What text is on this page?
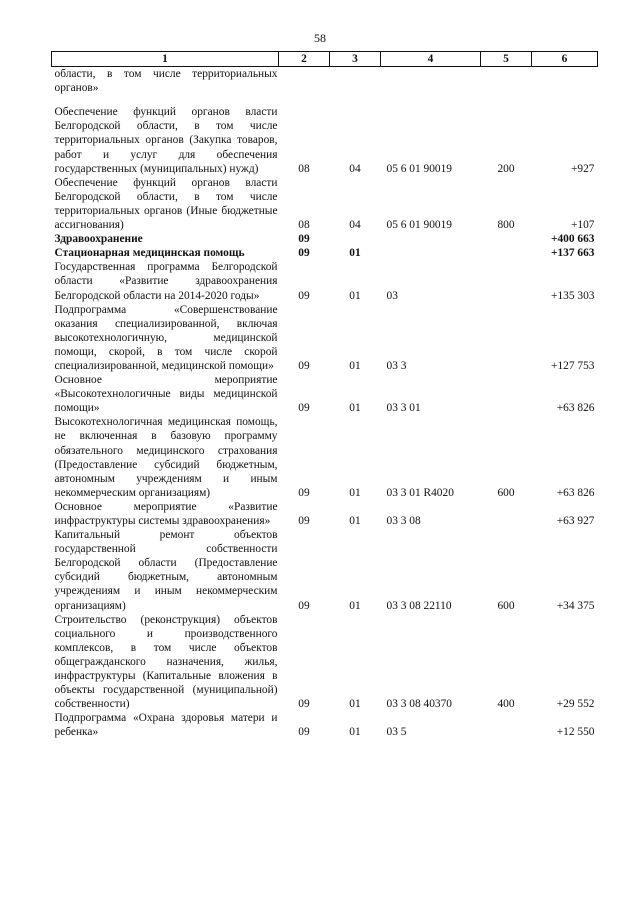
58
1	2	3	4	5	6
области, в том числе территориальных органов»					

Обеспечение функций органов власти Белгородской области, в том числе территориальных органов (Закупка товаров, работ и услуг для обеспечения государственных (муниципальных) нужд)	08	04	05 6 01 90019	200	+927
Обеспечение функций органов власти Белгородской области, в том числе территориальных органов (Иные бюджетные ассигнования)	08	04	05 6 01 90019	800	+107
Здравоохранение	09				+400 663
Стационарная медицинская помощь	09	01			+137 663
Государственная программа Белгородской области «Развитие здравоохранения Белгородской области на 2014-2020 годы»	09	01	03		+135 303
Подпрограмма «Совершенствование оказания специализированной, включая высокотехнологичную, медицинской помощи, скорой, в том числе скорой специализированной, медицинской помощи»	09	01	03 3		+127 753
Основное мероприятие «Высокотехнологичные виды медицинской помощи»	09	01	03 3 01		+63 826
Высокотехнологичная медицинская помощь, не включенная в базовую программу обязательного медицинского страхования (Предоставление субсидий бюджетным, автономным учреждениям и иным некоммерческим организациям)	09	01	03 3 01 R4020	600	+63 826
Основное мероприятие «Развитие инфраструктуры системы здравоохранения»	09	01	03 3 08		+63 927
Капитальный ремонт объектов государственной собственности Белгородской области (Предоставление субсидий бюджетным, автономным учреждениям и иным некоммерческим организациям)	09	01	03 3 08 22110	600	+34 375
Строительство (реконструкция) объектов социального и производственного комплексов, в том числе объектов общегражданского назначения, жилья, инфраструктуры (Капитальные вложения в объекты государственной (муниципальной) собственности)	09	01	03 3 08 40370	400	+29 552
Подпрограмма «Охрана здоровья матери и ребенка»	09	01	03 5		+12 550
